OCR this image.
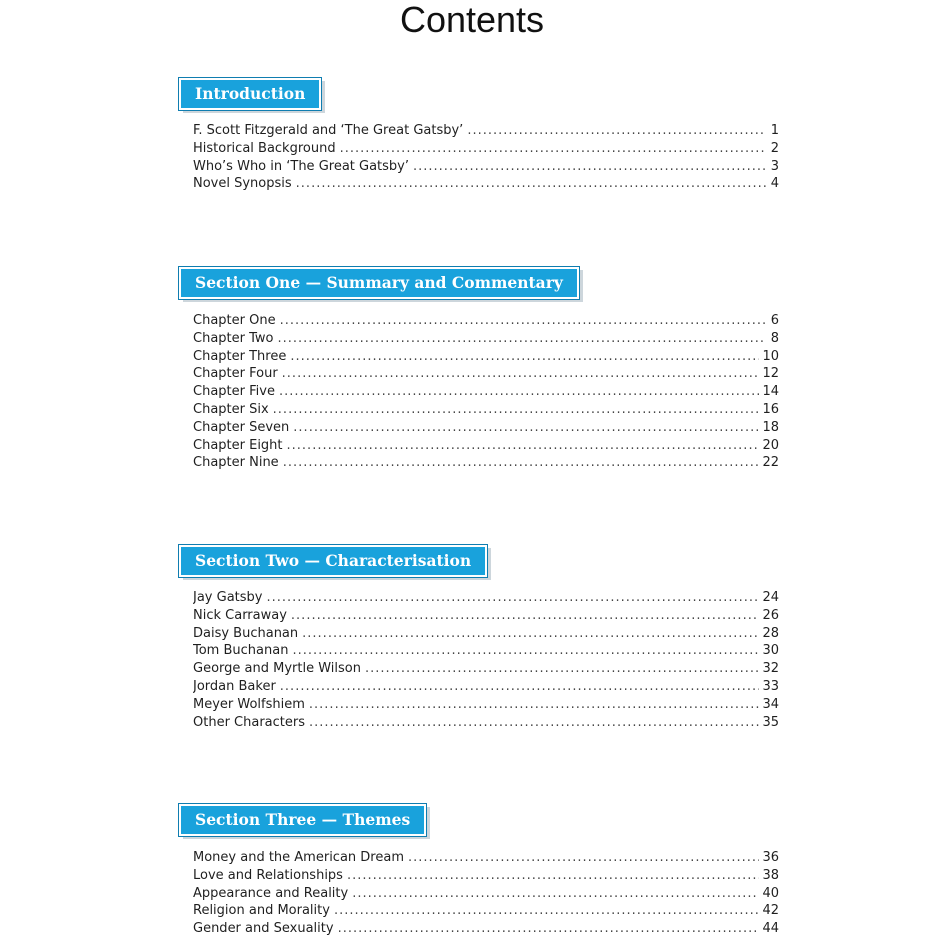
Contents
Introduction
F. Scott Fitzgerald and ‘The Great Gatsby’ .....	1
Historical Background .....	2
Who’s Who in ‘The Great Gatsby’ .....	3
Novel Synopsis .....	4
Section One — Summary and Commentary
Chapter One .....	6
Chapter Two .....	8
Chapter Three .....	10
Chapter Four .....	12
Chapter Five .....	14
Chapter Six .....	16
Chapter Seven .....	18
Chapter Eight .....	20
Chapter Nine .....	22
Section Two — Characterisation
Jay Gatsby .....	24
Nick Carraway .....	26
Daisy Buchanan .....	28
Tom Buchanan .....	30
George and Myrtle Wilson .....	32
Jordan Baker .....	33
Meyer Wolfshiem .....	34
Other Characters .....	35
Section Three — Themes
Money and the American Dream .....	36
Love and Relationships .....	38
Appearance and Reality .....	40
Religion and Morality .....	42
Gender and Sexuality .....	44
